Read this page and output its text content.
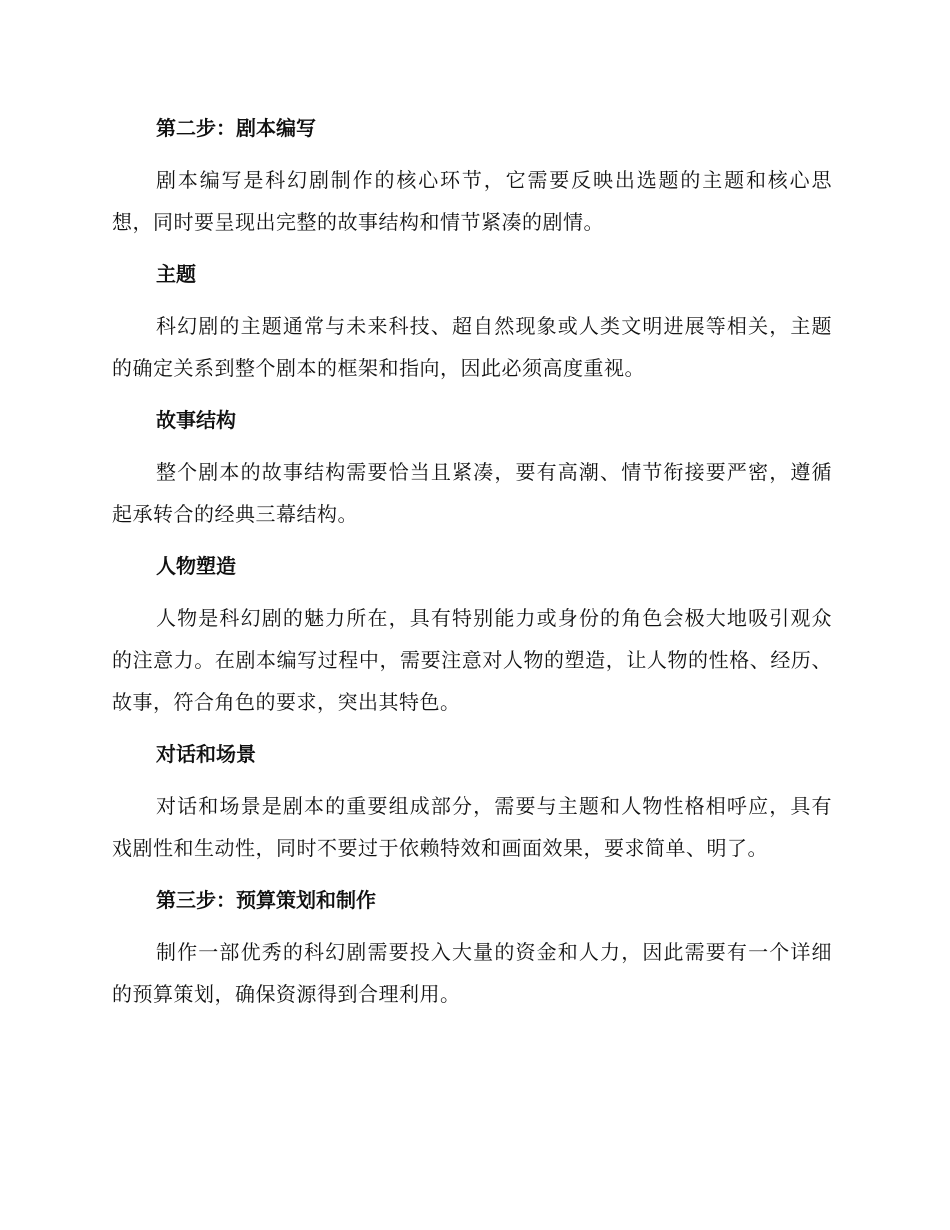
第二步：剧本编写

剧本编写是科幻剧制作的核心环节，它需要反映出选题的主题和核心思想，同时要呈现出完整的故事结构和情节紧凑的剧情。

主题

科幻剧的主题通常与未来科技、超自然现象或人类文明进展等相关，主题的确定关系到整个剧本的框架和指向，因此必须高度重视。

故事结构

整个剧本的故事结构需要恰当且紧凑，要有高潮、情节衔接要严密，遵循起承转合的经典三幕结构。

人物塑造

人物是科幻剧的魅力所在，具有特别能力或身份的角色会极大地吸引观众的注意力。在剧本编写过程中，需要注意对人物的塑造，让人物的性格、经历、故事，符合角色的要求，突出其特色。

对话和场景

对话和场景是剧本的重要组成部分，需要与主题和人物性格相呼应，具有戏剧性和生动性，同时不要过于依赖特效和画面效果，要求简单、明了。

第三步：预算策划和制作

制作一部优秀的科幻剧需要投入大量的资金和人力，因此需要有一个详细的预算策划，确保资源得到合理利用。
